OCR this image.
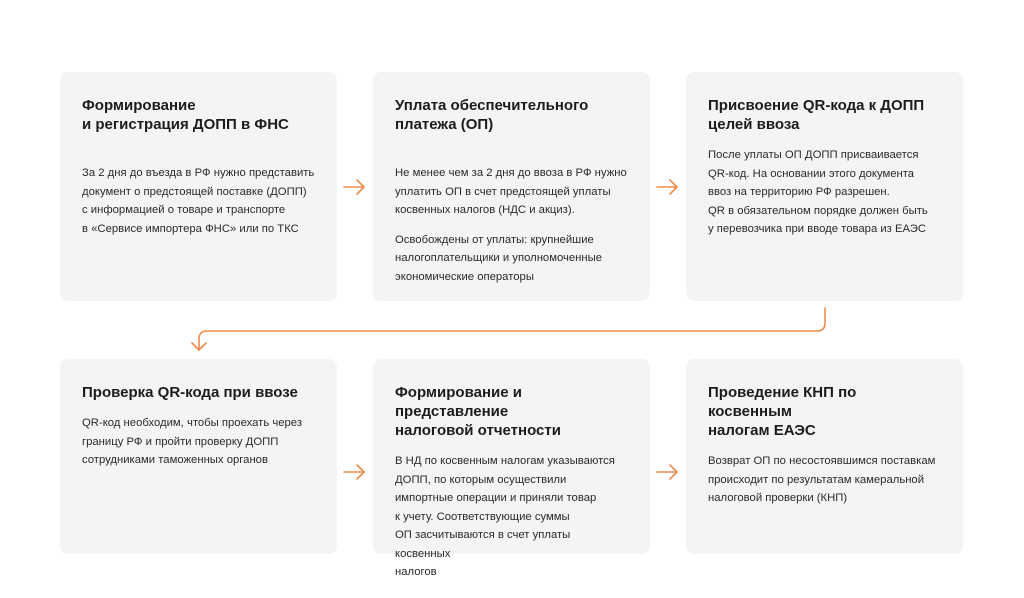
Формирование
и регистрация ДОПП в ФНС

За 2 дня до въезда в РФ нужно представить
документ о предстоящей поставке (ДОПП)
с информацией о товаре и транспорте
в «Сервисе импортера ФНС» или по ТКС

Уплата обеспечительного
платежа (ОП)

Не менее чем за 2 дня до ввоза в РФ нужно
уплатить ОП в счет предстоящей уплаты
косвенных налогов (НДС и акциз).

Освобождены от уплаты: крупнейшие
налогоплательщики и уполномоченные
экономические операторы

Присвоение QR-кода к ДОПП
целей ввоза

После уплаты ОП ДОПП присваивается
QR-код. На основании этого документа
ввоз на территорию РФ разрешен.
QR в обязательном порядке должен быть
у перевозчика при вводе товара из ЕАЭС

Проверка QR-кода при ввозе

QR-код необходим, чтобы проехать через
границу РФ и пройти проверку ДОПП
сотрудниками таможенных органов

Формирование и представление
налоговой отчетности

В НД по косвенным налогам указываются
ДОПП, по которым осуществили
импортные операции и приняли товар
к учету. Соответствующие суммы
ОП засчитываются в счет уплаты косвенных
налогов

Проведение КНП по косвенным
налогам ЕАЭС

Возврат ОП по несостоявшимся поставкам
происходит по результатам камеральной
налоговой проверки (КНП)
